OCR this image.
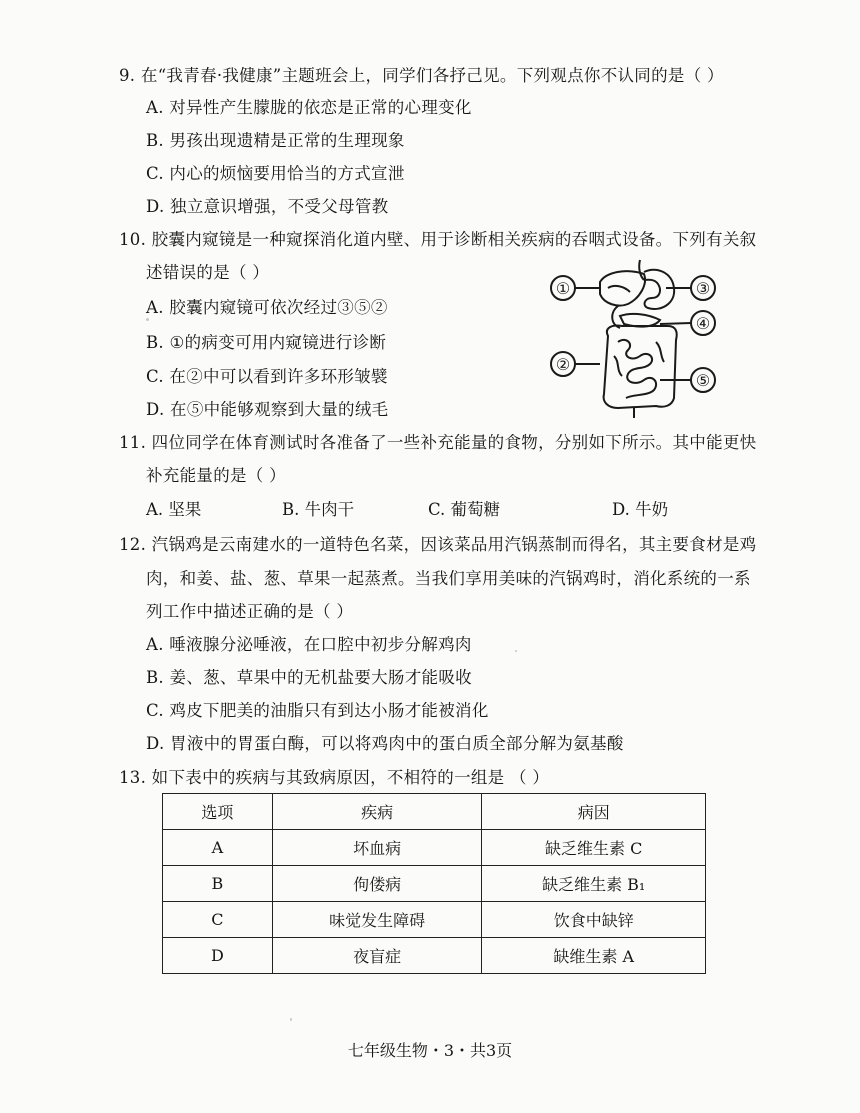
9. 在“我青春·我健康”主题班会上，同学们各抒己见。下列观点你不认同的是（ ）
A. 对异性产生朦胧的依恋是正常的心理变化
B. 男孩出现遗精是正常的生理现象
C. 内心的烦恼要用恰当的方式宣泄
D. 独立意识增强，不受父母管教
10. 胶囊内窥镜是一种窥探消化道内壁、用于诊断相关疾病的吞咽式设备。下列有关叙
述错误的是（ ）
A. 胶囊内窥镜可依次经过③⑤②
B. ①的病变可用内窥镜进行诊断
C. 在②中可以看到许多环形皱襞
D. 在⑤中能够观察到大量的绒毛
①	③
④
②
⑤
11. 四位同学在体育测试时各准备了一些补充能量的食物，分别如下所示。其中能更快
补充能量的是（ ）
A. 坚果	B. 牛肉干	C. 葡萄糖	D. 牛奶
12. 汽锅鸡是云南建水的一道特色名菜，因该菜品用汽锅蒸制而得名，其主要食材是鸡
肉，和姜、盐、葱、草果一起蒸煮。当我们享用美味的汽锅鸡时，消化系统的一系
列工作中描述正确的是（ ）
A. 唾液腺分泌唾液，在口腔中初步分解鸡肉
B. 姜、葱、草果中的无机盐要大肠才能吸收
C. 鸡皮下肥美的油脂只有到达小肠才能被消化
D. 胃液中的胃蛋白酶，可以将鸡肉中的蛋白质全部分解为氨基酸
13. 如下表中的疾病与其致病原因，不相符的一组是 （ ）
选项	疾病	病因
A	坏血病	缺乏维生素 C
B	佝偻病	缺乏维生素 B₁
C	味觉发生障碍	饮食中缺锌
D	夜盲症	缺维生素 A
七年级生物・3・共3页
